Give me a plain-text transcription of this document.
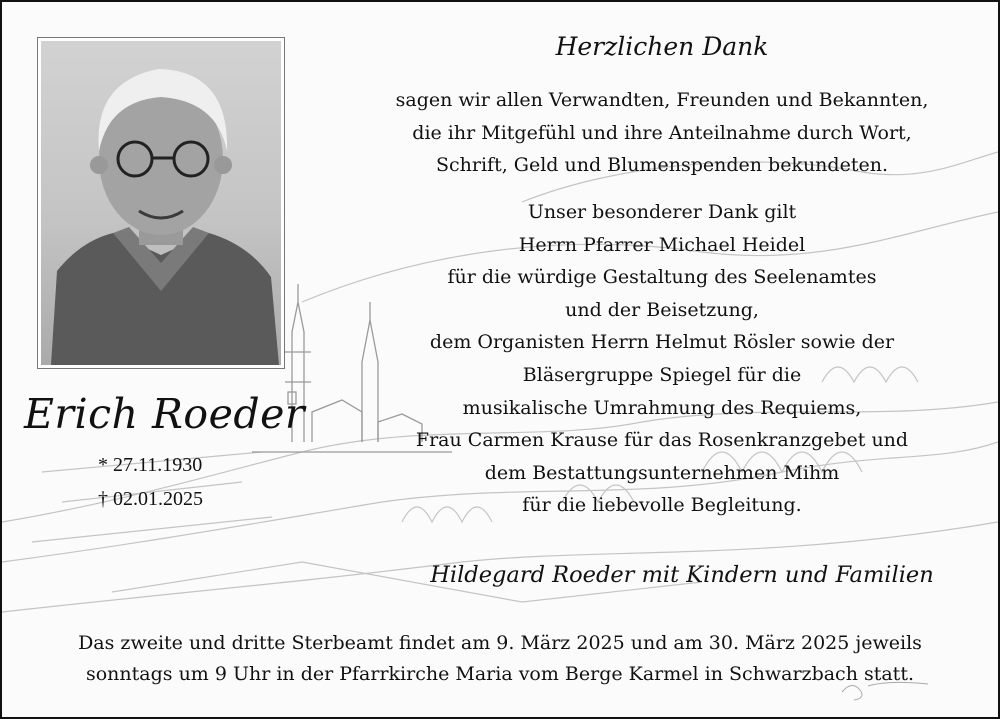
Erich Roeder
* 27.11.1930
† 02.01.2025
Herzlichen Dank
sagen wir allen Verwandten, Freunden und Bekannten,
die ihr Mitgefühl und ihre Anteilnahme durch Wort,
Schrift, Geld und Blumenspenden bekundeten.
Unser besonderer Dank gilt
Herrn Pfarrer Michael Heidel
für die würdige Gestaltung des Seelenamtes
und der Beisetzung,
dem Organisten Herrn Helmut Rösler sowie der
Bläsergruppe Spiegel für die
musikalische Umrahmung des Requiems,
Frau Carmen Krause für das Rosenkranzgebet und
dem Bestattungsunternehmen Mihm
für die liebevolle Begleitung.
Hildegard Roeder mit Kindern und Familien
Das zweite und dritte Sterbeamt findet am 9. März 2025 und am 30. März 2025 jeweils
sonntags um 9 Uhr in der Pfarrkirche Maria vom Berge Karmel in Schwarzbach statt.
